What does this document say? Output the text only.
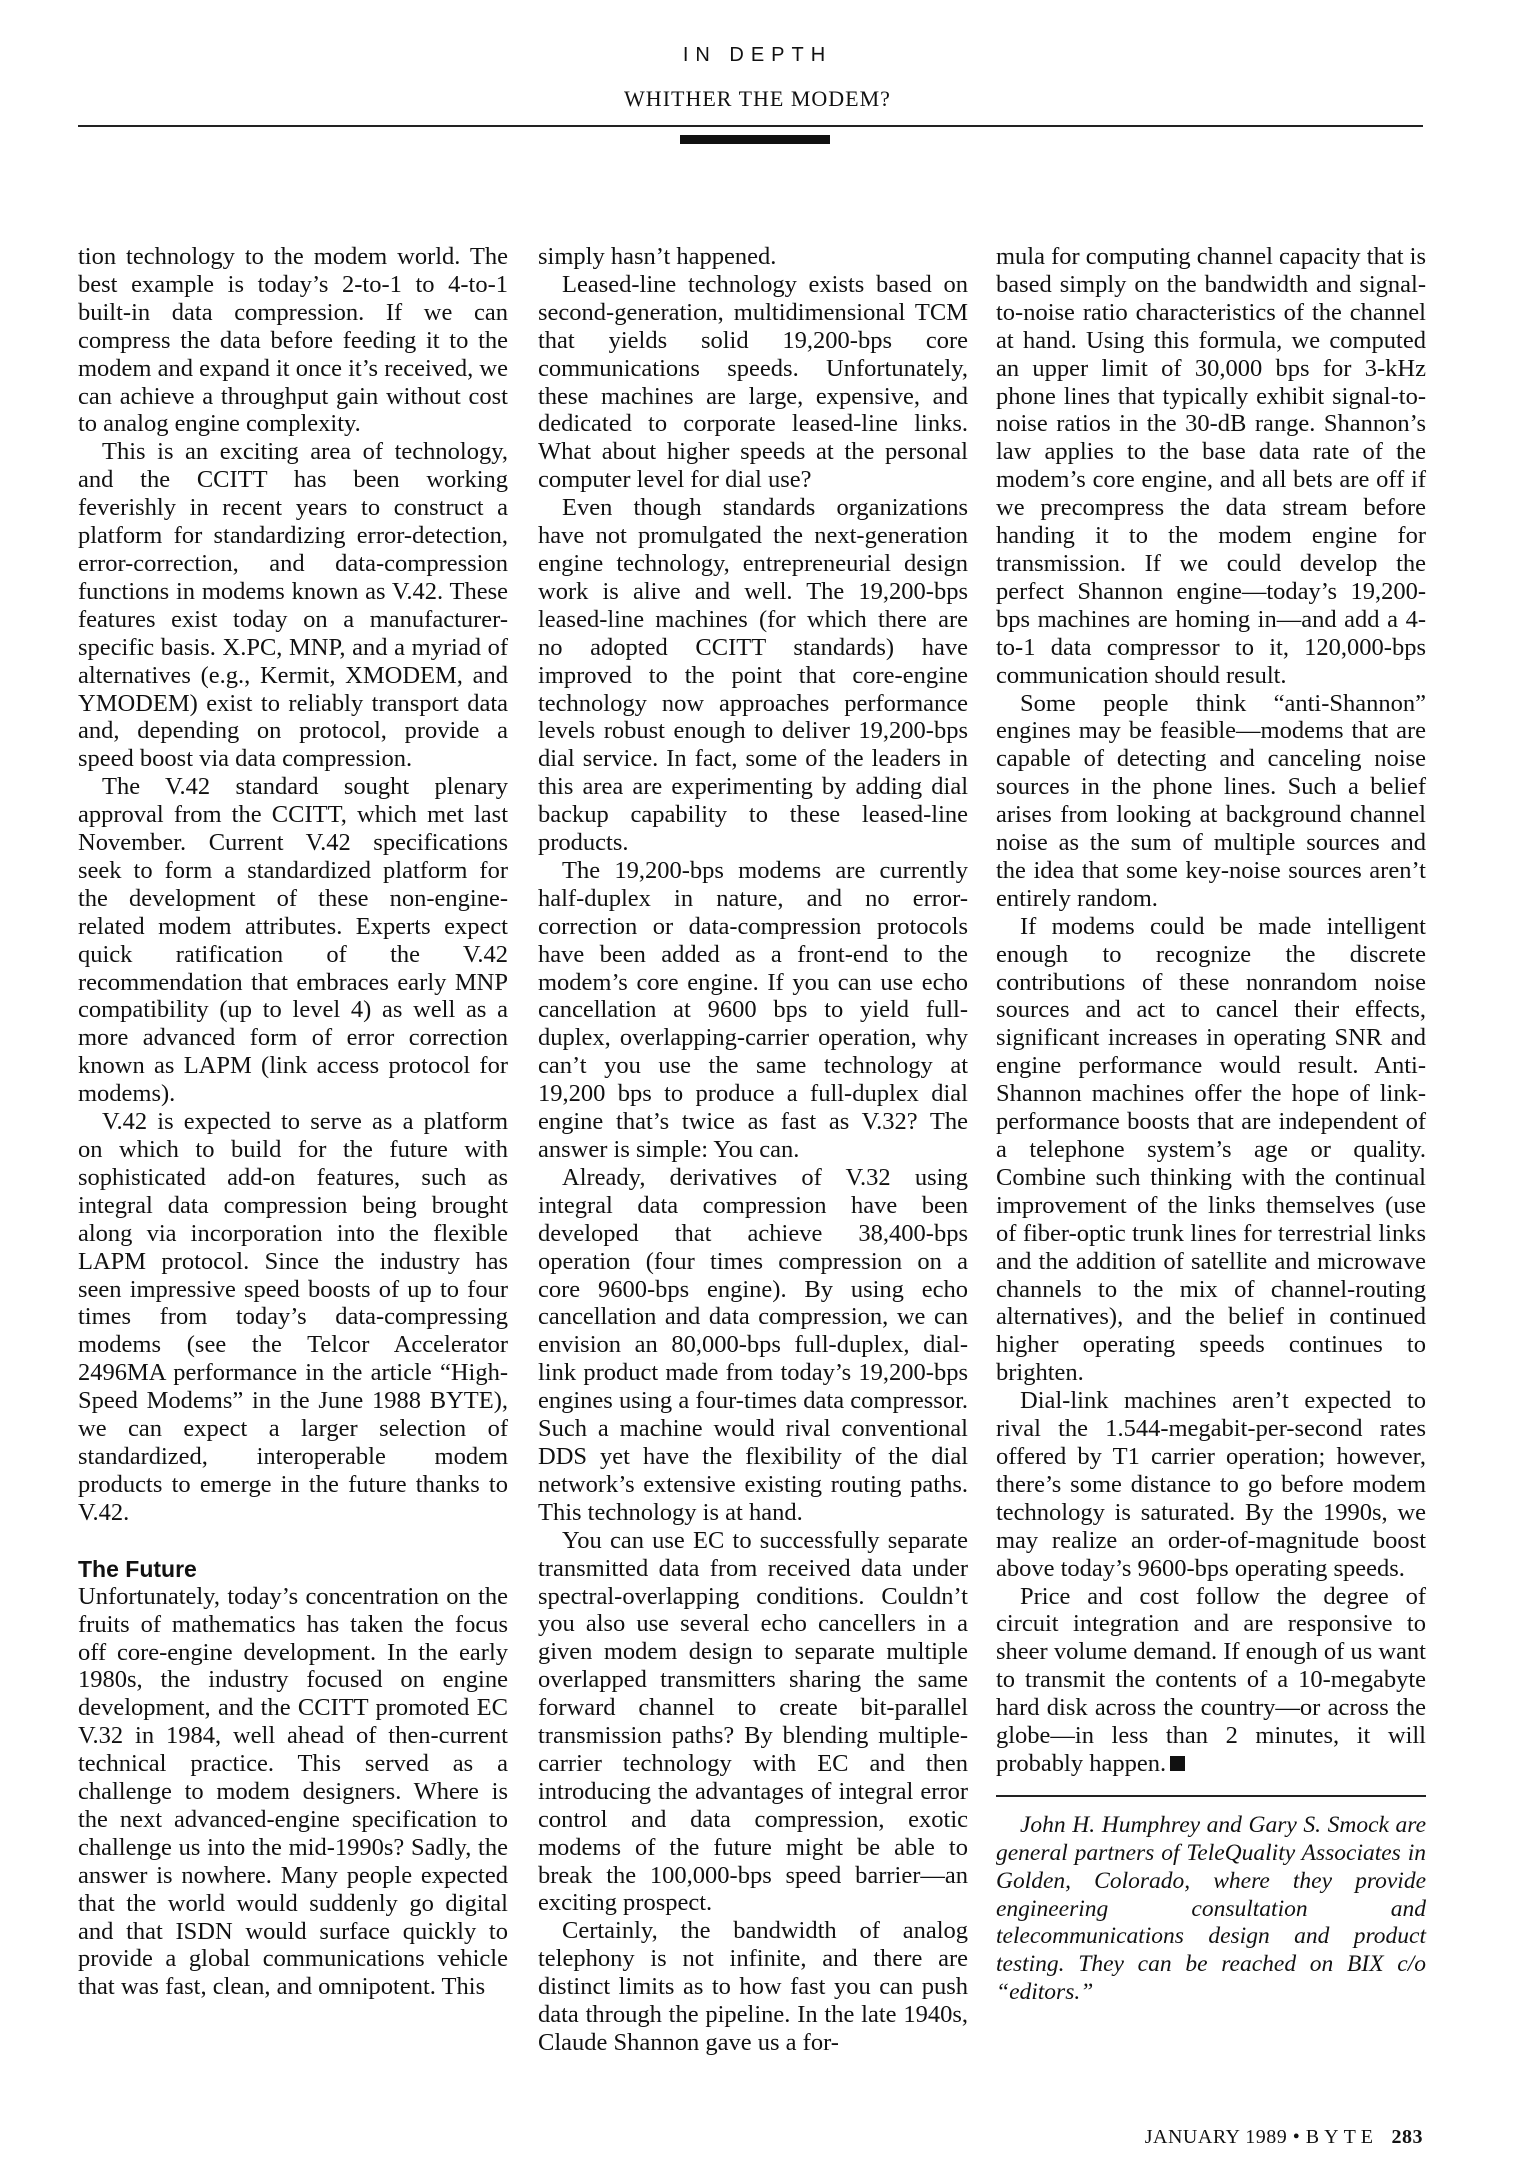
IN DEPTH
WHITHER THE MODEM?

tion technology to the modem world. The best example is today’s 2-to-1 to 4-to-1 built-in data compression. If we can compress the data before feeding it to the modem and expand it once it’s received, we can achieve a throughput gain without cost to analog engine complexity.

This is an exciting area of technology, and the CCITT has been working feverishly in recent years to construct a platform for standardizing error-detection, error-correction, and data-compression functions in modems known as V.42. These features exist today on a manufacturer-specific basis. X.PC, MNP, and a myriad of alternatives (e.g., Kermit, XMODEM, and YMODEM) exist to reliably transport data and, depending on protocol, provide a speed boost via data compression.

The V.42 standard sought plenary approval from the CCITT, which met last November. Current V.42 specifications seek to form a standardized platform for the development of these non-engine-related modem attributes. Experts expect quick ratification of the V.42 recommendation that embraces early MNP compatibility (up to level 4) as well as a more advanced form of error correction known as LAPM (link access protocol for modems).

V.42 is expected to serve as a platform on which to build for the future with sophisticated add-on features, such as integral data compression being brought along via incorporation into the flexible LAPM protocol. Since the industry has seen impressive speed boosts of up to four times from today’s data-compressing modems (see the Telcor Accelerator 2496MA performance in the article “High-Speed Modems” in the June 1988 BYTE), we can expect a larger selection of standardized, interoperable modem products to emerge in the future thanks to V.42.

The Future

Unfortunately, today’s concentration on the fruits of mathematics has taken the focus off core-engine development. In the early 1980s, the industry focused on engine development, and the CCITT promoted EC V.32 in 1984, well ahead of then-current technical practice. This served as a challenge to modem designers. Where is the next advanced-engine specification to challenge us into the mid-1990s? Sadly, the answer is nowhere. Many people expected that the world would suddenly go digital and that ISDN would surface quickly to provide a global communications vehicle that was fast, clean, and omnipotent. This

simply hasn’t happened.

Leased-line technology exists based on second-generation, multidimensional TCM that yields solid 19,200-bps core communications speeds. Unfortunately, these machines are large, expensive, and dedicated to corporate leased-line links. What about higher speeds at the personal computer level for dial use?

Even though standards organizations have not promulgated the next-generation engine technology, entrepreneurial design work is alive and well. The 19,200-bps leased-line machines (for which there are no adopted CCITT standards) have improved to the point that core-engine technology now approaches performance levels robust enough to deliver 19,200-bps dial service. In fact, some of the leaders in this area are experimenting by adding dial backup capability to these leased-line products.

The 19,200-bps modems are currently half-duplex in nature, and no error-correction or data-compression protocols have been added as a front-end to the modem’s core engine. If you can use echo cancellation at 9600 bps to yield full-duplex, overlapping-carrier operation, why can’t you use the same technology at 19,200 bps to produce a full-duplex dial engine that’s twice as fast as V.32? The answer is simple: You can.

Already, derivatives of V.32 using integral data compression have been developed that achieve 38,400-bps operation (four times compression on a core 9600-bps engine). By using echo cancellation and data compression, we can envision an 80,000-bps full-duplex, dial-link product made from today’s 19,200-bps engines using a four-times data compressor. Such a machine would rival conventional DDS yet have the flexibility of the dial network’s extensive existing routing paths. This technology is at hand.

You can use EC to successfully separate transmitted data from received data under spectral-overlapping conditions. Couldn’t you also use several echo cancellers in a given modem design to separate multiple overlapped transmitters sharing the same forward channel to create bit-parallel transmission paths? By blending multiple-carrier technology with EC and then introducing the advantages of integral error control and data compression, exotic modems of the future might be able to break the 100,000-bps speed barrier—an exciting prospect.

Certainly, the bandwidth of analog telephony is not infinite, and there are distinct limits as to how fast you can push data through the pipeline. In the late 1940s, Claude Shannon gave us a for-

mula for computing channel capacity that is based simply on the bandwidth and signal-to-noise ratio characteristics of the channel at hand. Using this formula, we computed an upper limit of 30,000 bps for 3-kHz phone lines that typically exhibit signal-to-noise ratios in the 30-dB range. Shannon’s law applies to the base data rate of the modem’s core engine, and all bets are off if we precompress the data stream before handing it to the modem engine for transmission. If we could develop the perfect Shannon engine—today’s 19,200-bps machines are homing in—and add a 4-to-1 data compressor to it, 120,000-bps communication should result.

Some people think “anti-Shannon” engines may be feasible—modems that are capable of detecting and canceling noise sources in the phone lines. Such a belief arises from looking at background channel noise as the sum of multiple sources and the idea that some key-noise sources aren’t entirely random.

If modems could be made intelligent enough to recognize the discrete contributions of these nonrandom noise sources and act to cancel their effects, significant increases in operating SNR and engine performance would result. Anti-Shannon machines offer the hope of link-performance boosts that are independent of a telephone system’s age or quality. Combine such thinking with the continual improvement of the links themselves (use of fiber-optic trunk lines for terrestrial links and the addition of satellite and microwave channels to the mix of channel-routing alternatives), and the belief in continued higher operating speeds continues to brighten.

Dial-link machines aren’t expected to rival the 1.544-megabit-per-second rates offered by T1 carrier operation; however, there’s some distance to go before modem technology is saturated. By the 1990s, we may realize an order-of-magnitude boost above today’s 9600-bps operating speeds.

Price and cost follow the degree of circuit integration and are responsive to sheer volume demand. If enough of us want to transmit the contents of a 10-megabyte hard disk across the country—or across the globe—in less than 2 minutes, it will probably happen.

John H. Humphrey and Gary S. Smock are general partners of TeleQuality Associates in Golden, Colorado, where they provide engineering consultation and telecommunications design and product testing. They can be reached on BIX c/o “editors.”

JANUARY 1989 • BYTE 283
